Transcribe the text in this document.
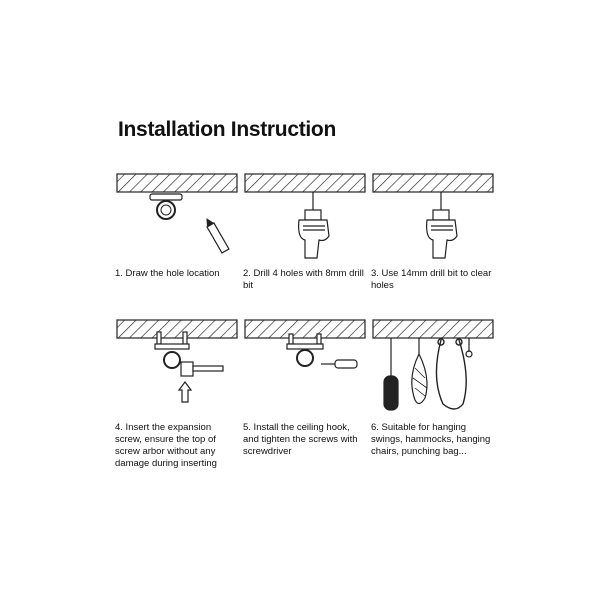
Installation Instruction
1. Draw the hole location	2. Drill 4 holes with 8mm drill bit
3. Use 14mm drill bit to clear holes
4. Insert the expansion screw, ensure the top of screw arbor without any damage during inserting
5. Install the ceiling hook, and tighten the screws with screwdriver
6. Suitable for hanging swings, hammocks, hanging chairs, punching bag...
